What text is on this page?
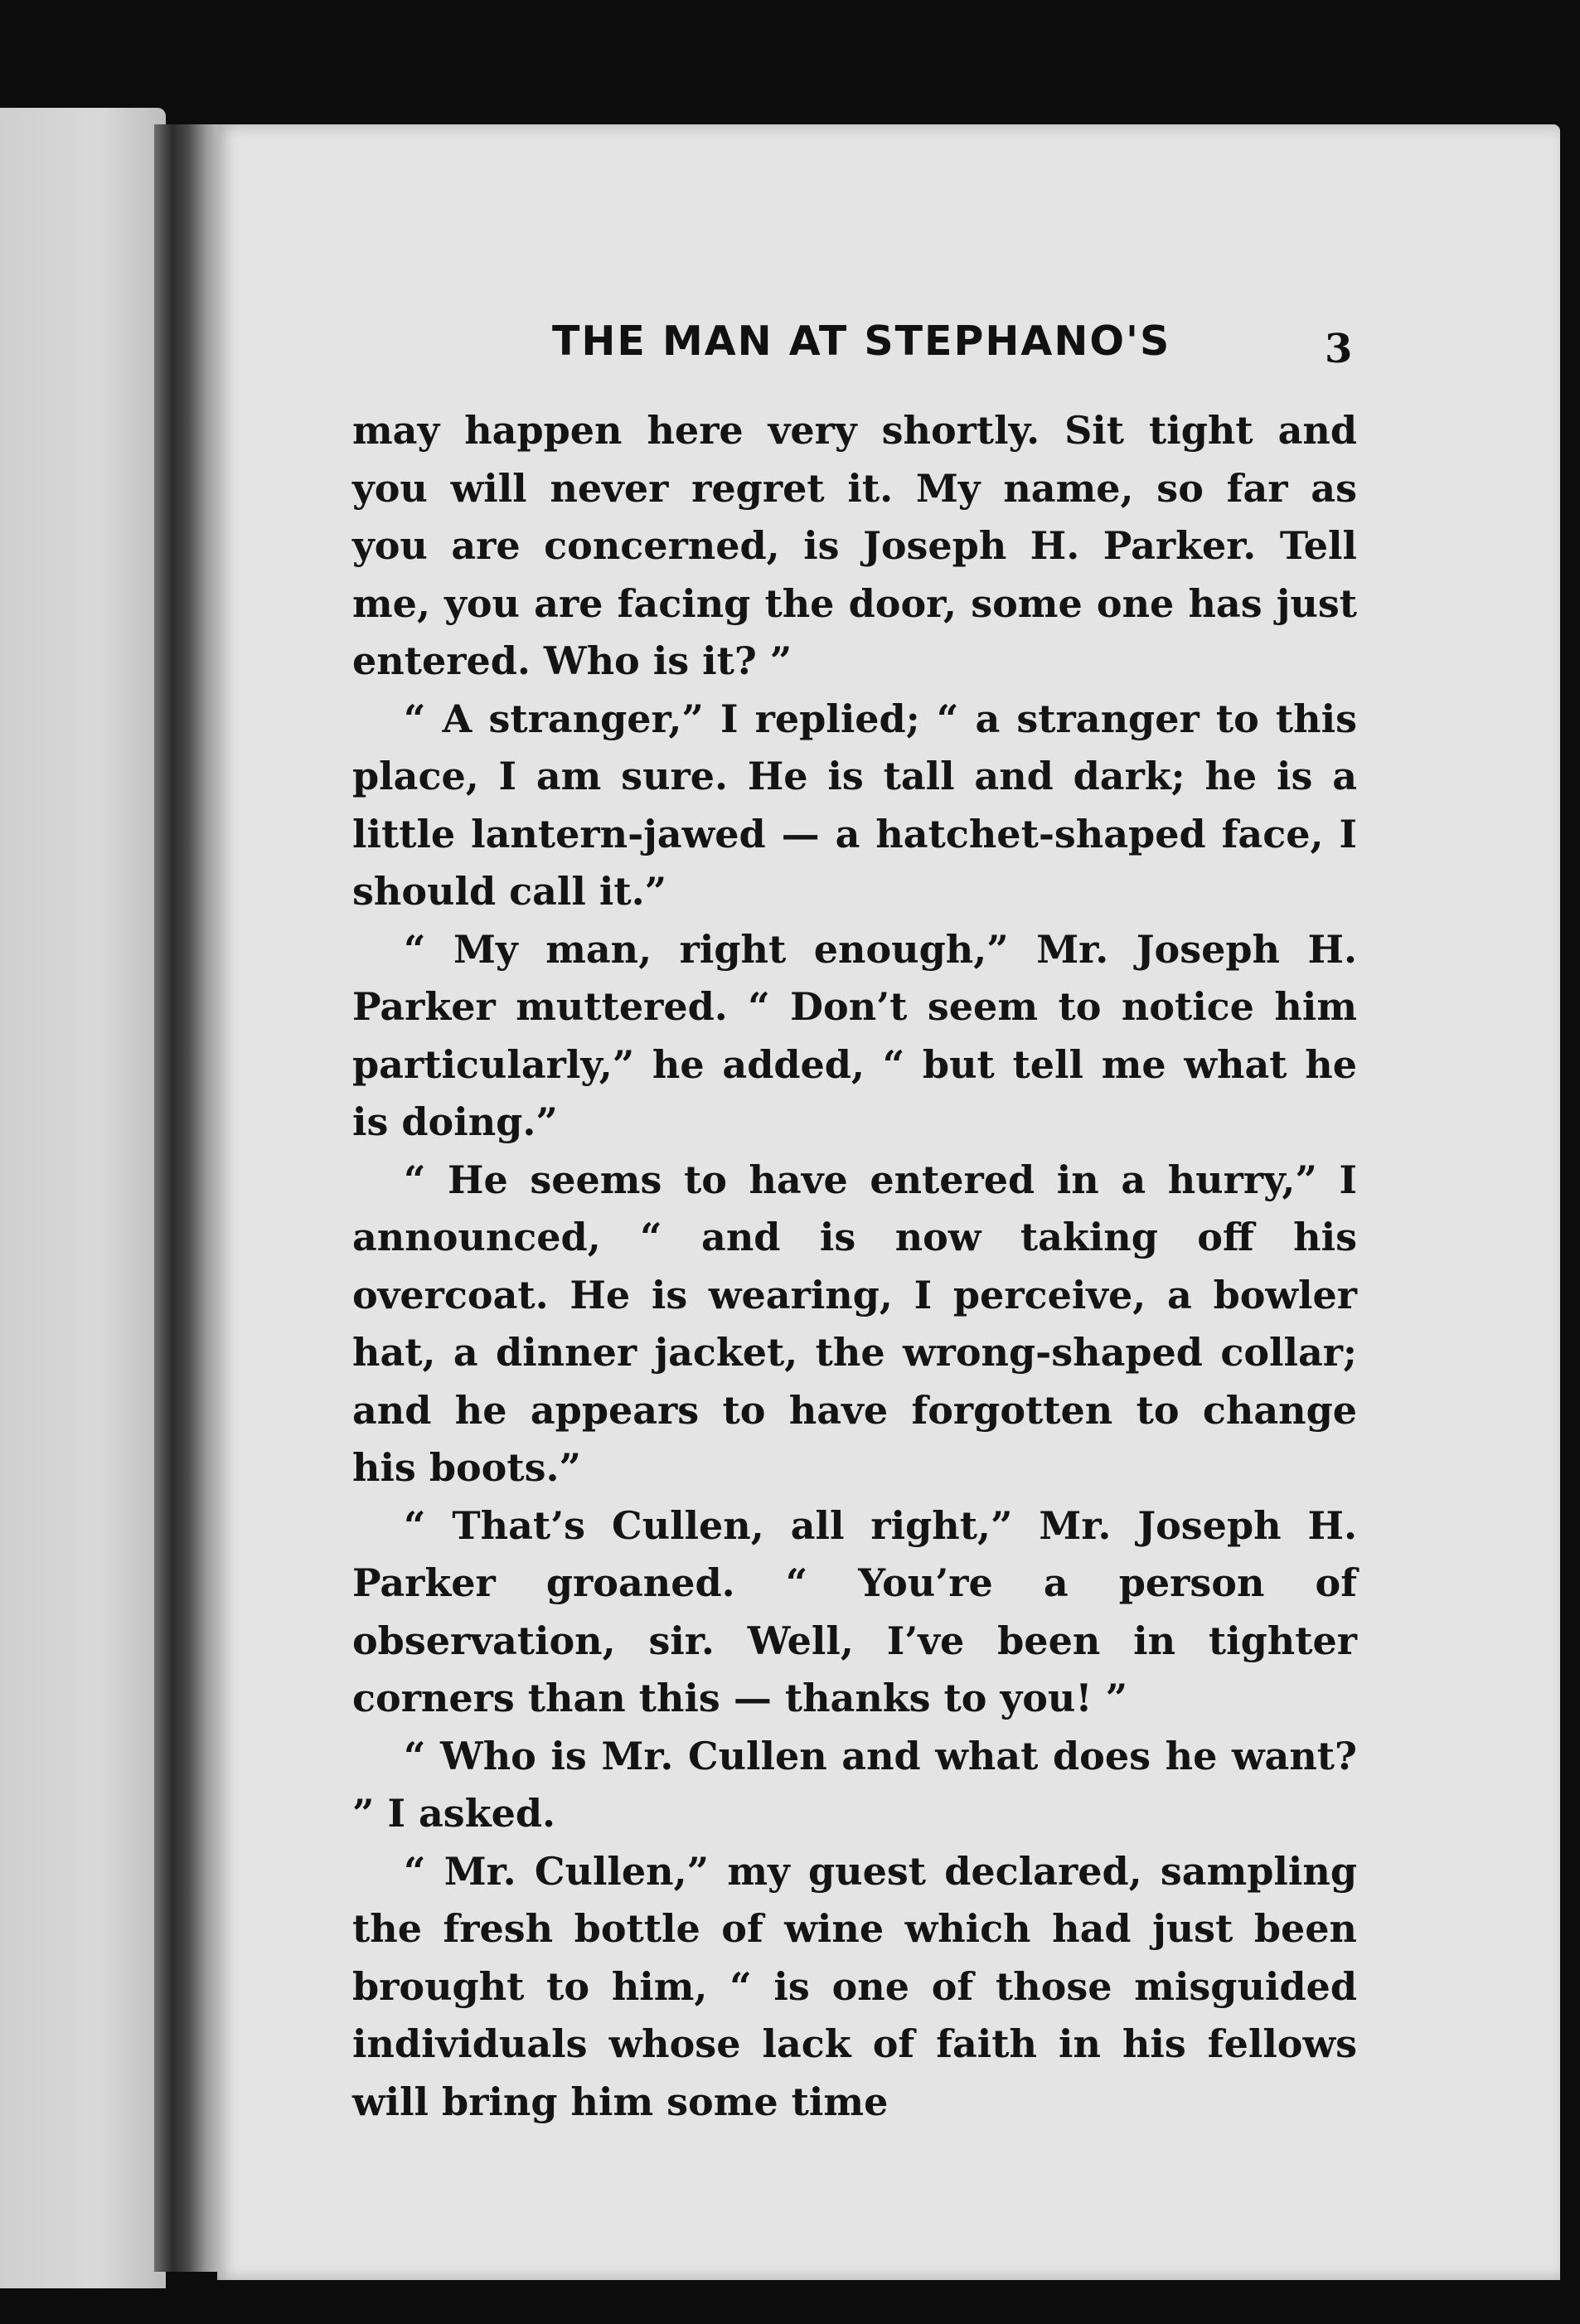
THE MAN AT STEPHANO'S	3

may happen here very shortly. Sit tight and you will never regret it. My name, so far as you are concerned, is Joseph H. Parker. Tell me, you are facing the door, some one has just entered. Who is it? ”

“ A stranger,” I replied; “ a stranger to this place, I am sure. He is tall and dark; he is a little lantern-jawed — a hatchet-shaped face, I should call it.”

“ My man, right enough,” Mr. Joseph H. Parker muttered. “ Don’t seem to notice him particularly,” he added, “ but tell me what he is doing.”

“ He seems to have entered in a hurry,” I announced, “ and is now taking off his overcoat. He is wearing, I perceive, a bowler hat, a dinner jacket, the wrong-shaped collar; and he appears to have forgotten to change his boots.”

“ That’s Cullen, all right,” Mr. Joseph H. Parker groaned. “ You’re a person of observation, sir. Well, I’ve been in tighter corners than this — thanks to you! ”

“ Who is Mr. Cullen and what does he want? ” I asked.

“ Mr. Cullen,” my guest declared, sampling the fresh bottle of wine which had just been brought to him, “ is one of those misguided individuals whose lack of faith in his fellows will bring him some time
